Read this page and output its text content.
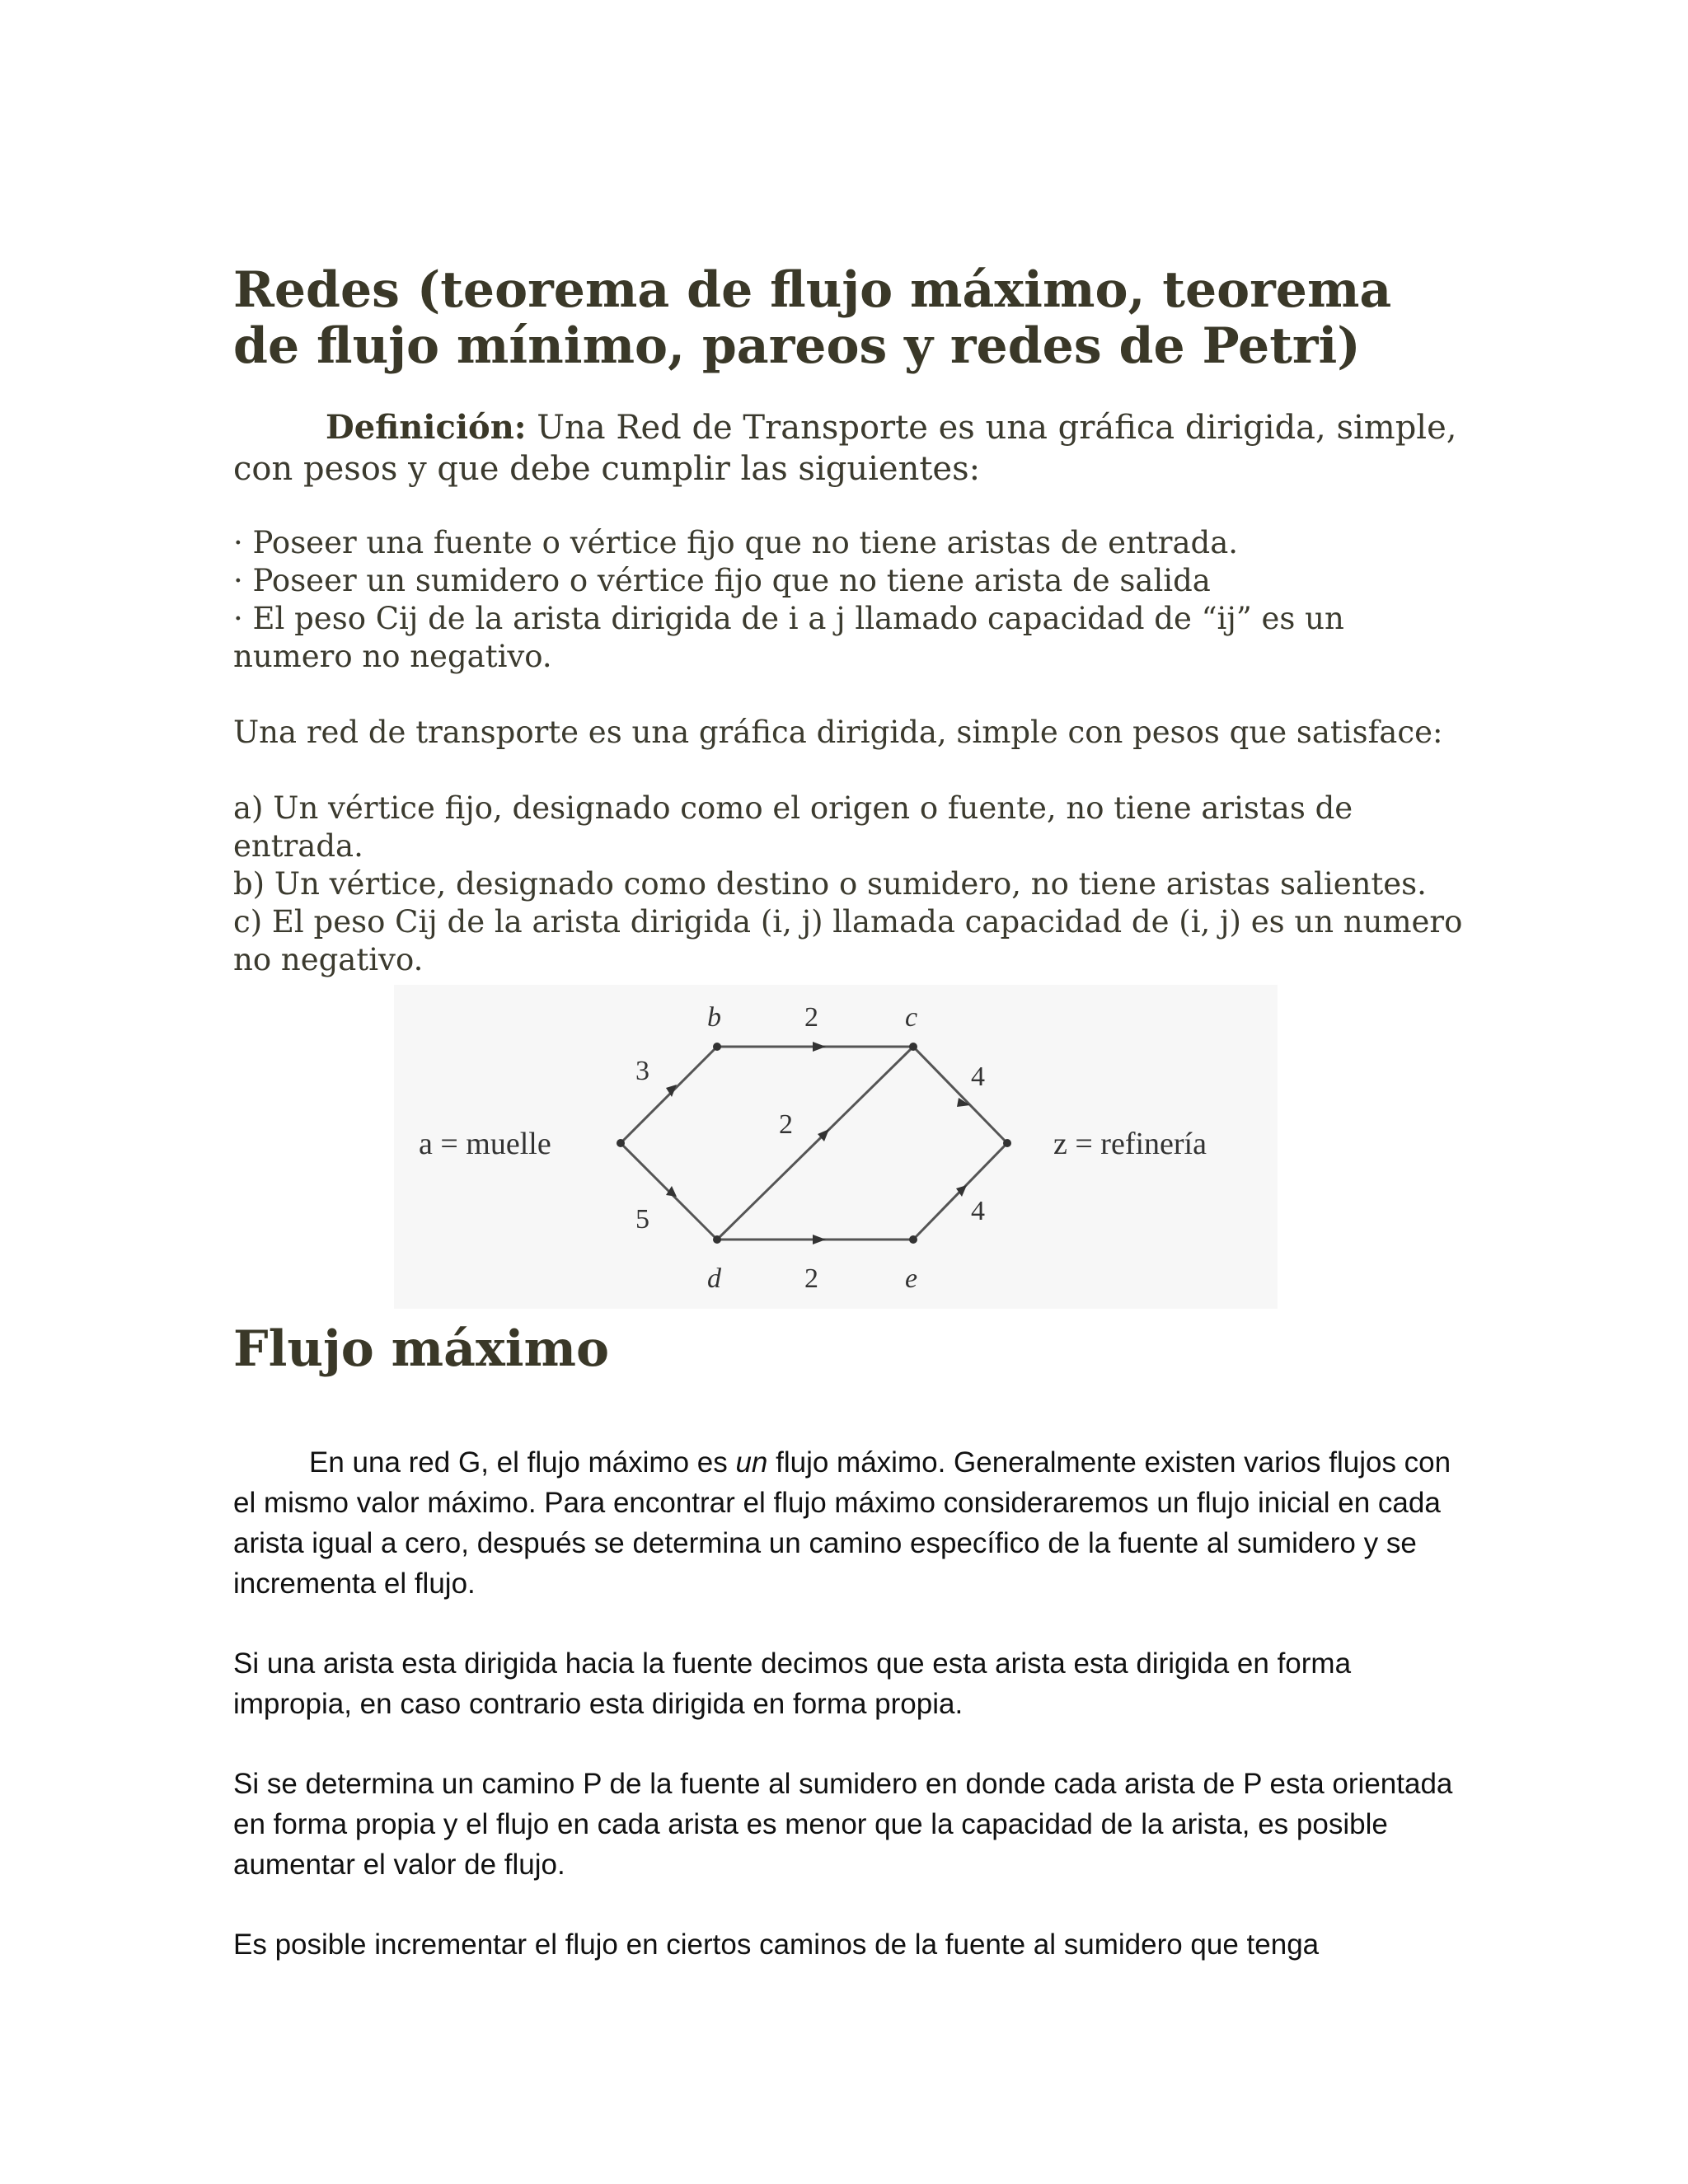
Redes (teorema de flujo máximo, teorema de flujo mínimo, pareos y redes de Petri)

Definición: Una Red de Transporte es una gráfica dirigida, simple, con pesos y que debe cumplir las siguientes:

· Poseer una fuente o vértice fijo que no tiene aristas de entrada.

· Poseer un sumidero o vértice fijo que no tiene arista de salida

· El peso Cij de la arista dirigida de i a j llamado capacidad de “ij” es un numero no negativo.

Una red de transporte es una gráfica dirigida, simple con pesos que satisface:

a) Un vértice fijo, designado como el origen o fuente, no tiene aristas de entrada.

b) Un vértice, designado como destino o sumidero, no tiene aristas salientes.

c) El peso Cij de la arista dirigida (i, j) llamada capacidad de (i, j) es un numero no negativo.

a = muelle	z = refinería
b	c
d	e
3
5
2
2
2
4
4
Flujo máximo

En una red G, el flujo máximo es un flujo máximo. Generalmente existen varios flujos con el mismo valor máximo. Para encontrar el flujo máximo consideraremos un flujo inicial en cada arista igual a cero, después se determina un camino específico de la fuente al sumidero y se incrementa el flujo.

Si una arista esta dirigida hacia la fuente decimos que esta arista esta dirigida en forma impropia, en caso contrario esta dirigida en forma propia.

Si se determina un camino P de la fuente al sumidero en donde cada arista de P esta orientada en forma propia y el flujo en cada arista es menor que la capacidad de la arista, es posible aumentar el valor de flujo.

Es posible incrementar el flujo en ciertos caminos de la fuente al sumidero que tenga
